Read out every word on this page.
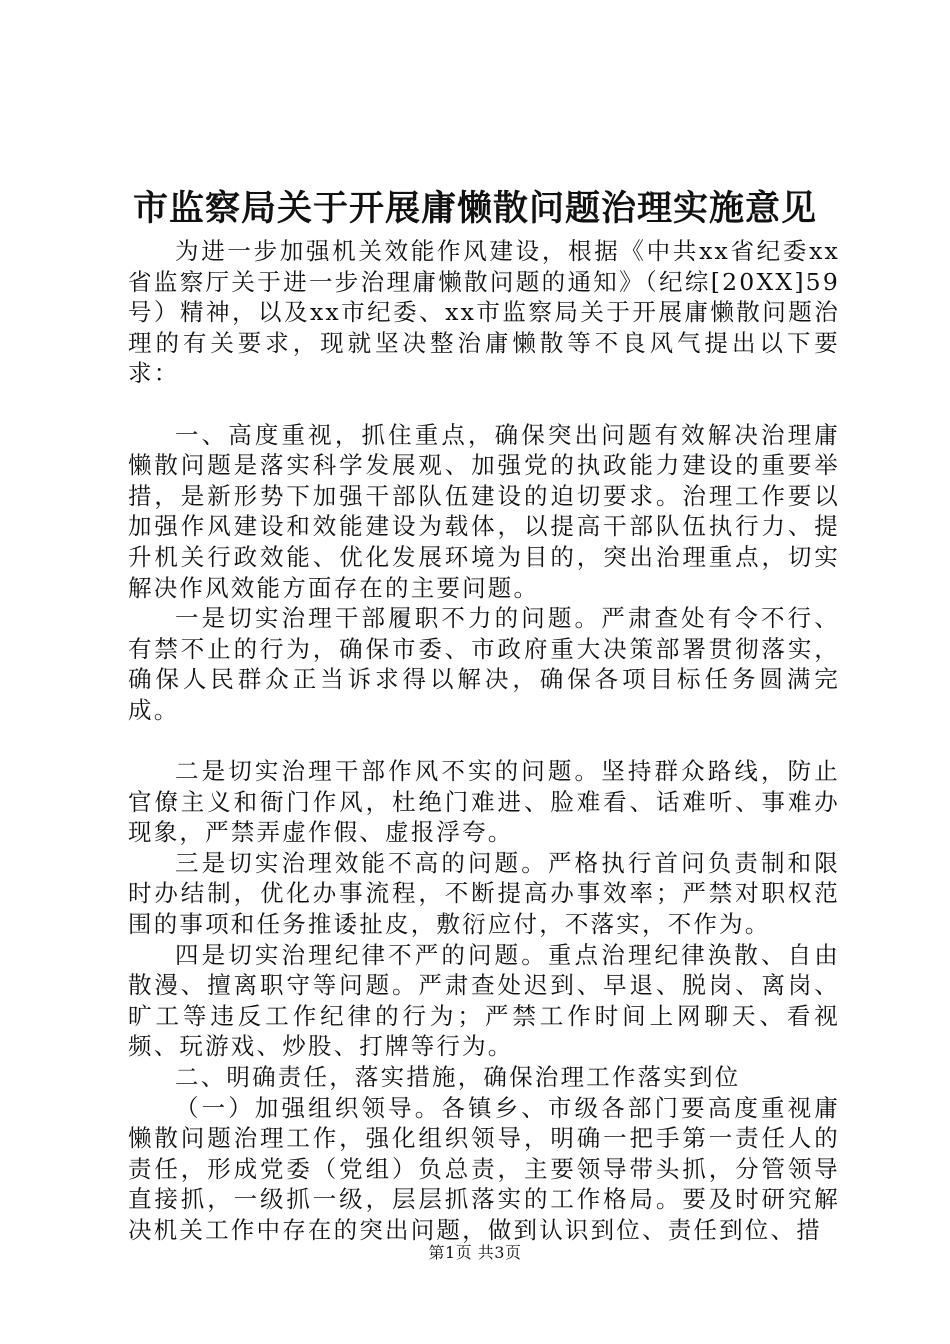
市监察局关于开展庸懒散问题治理实施意见

为进一步加强机关效能作风建设，根据《中共xx省纪委xx省监察厅关于进一步治理庸懒散问题的通知》（纪综[20XX]59号）精神，以及xx市纪委、xx市监察局关于开展庸懒散问题治理的有关要求，现就坚决整治庸懒散等不良风气提出以下要求：

一、高度重视，抓住重点，确保突出问题有效解决治理庸懒散问题是落实科学发展观、加强党的执政能力建设的重要举措，是新形势下加强干部队伍建设的迫切要求。治理工作要以加强作风建设和效能建设为载体，以提高干部队伍执行力、提升机关行政效能、优化发展环境为目的，突出治理重点，切实解决作风效能方面存在的主要问题。

一是切实治理干部履职不力的问题。严肃查处有令不行、有禁不止的行为，确保市委、市政府重大决策部署贯彻落实，确保人民群众正当诉求得以解决，确保各项目标任务圆满完成。

二是切实治理干部作风不实的问题。坚持群众路线，防止官僚主义和衙门作风，杜绝门难进、脸难看、话难听、事难办现象，严禁弄虚作假、虚报浮夸。

三是切实治理效能不高的问题。严格执行首问负责制和限时办结制，优化办事流程，不断提高办事效率；严禁对职权范围的事项和任务推诿扯皮，敷衍应付，不落实，不作为。

四是切实治理纪律不严的问题。重点治理纪律涣散、自由散漫、擅离职守等问题。严肃查处迟到、早退、脱岗、离岗、旷工等违反工作纪律的行为；严禁工作时间上网聊天、看视频、玩游戏、炒股、打牌等行为。

二、明确责任，落实措施，确保治理工作落实到位

（一）加强组织领导。各镇乡、市级各部门要高度重视庸懒散问题治理工作，强化组织领导，明确一把手第一责任人的责任，形成党委（党组）负总责，主要领导带头抓，分管领导直接抓，一级抓一级，层层抓落实的工作格局。要及时研究解决机关工作中存在的突出问题，做到认识到位、责任到位、措

第1页 共3页
